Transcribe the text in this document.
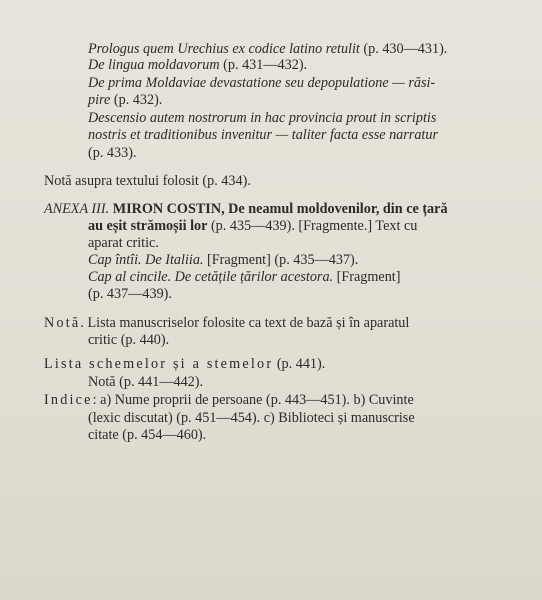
Prologus quem Urechius ex codice latino retulit (p. 430—431).
De lingua moldavorum (p. 431—432).
De prima Moldaviae devastatione seu depopulatione — răsi-
pire (p. 432).
Descensio autem nostrorum in hac provincia prout in scriptis
nostris et traditionibus invenitur — taliter facta esse narratur
(p. 433).
Notă asupra textului folosit (p. 434).
ANEXA III. MIRON COSTIN, De neamul moldovenilor, din ce țară
au eșit strămoșii lor (p. 435—439). [Fragmente.] Text cu
aparat critic.
Cap întîi. De Italiia. [Fragment] (p. 435—437).
Cap al cincile. De cetățile țărilor acestora. [Fragment]
(p. 437—439).
Notă. Lista manuscriselor folosite ca text de bază și în aparatul
critic (p. 440).
Lista schemelor și a stemelor (p. 441).
Notă (p. 441—442).
Indice: a) Nume proprii de persoane (p. 443—451). b) Cuvinte
(lexic discutat) (p. 451—454). c) Biblioteci și manuscrise
citate (p. 454—460).
